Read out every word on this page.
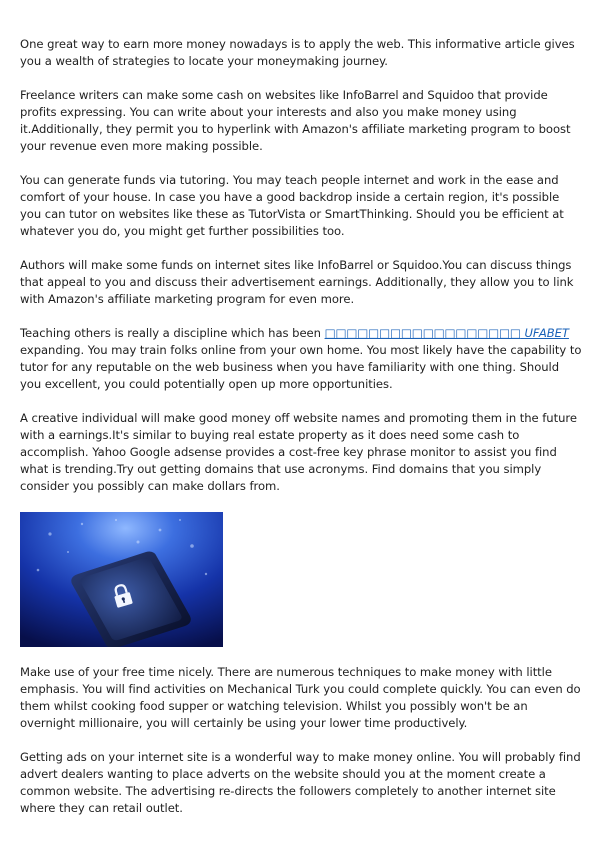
One great way to earn more money nowadays is to apply the web. This informative article gives you a wealth of strategies to locate your moneymaking journey.

Freelance writers can make some cash on websites like InfoBarrel and Squidoo that provide profits expressing. You can write about your interests and also you make money using it.Additionally, they permit you to hyperlink with Amazon's affiliate marketing program to boost your revenue even more making possible.

You can generate funds via tutoring. You may teach people internet and work in the ease and comfort of your house. In case you have a good backdrop inside a certain region, it's possible you can tutor on websites like these as TutorVista or SmartThinking. Should you be efficient at whatever you do, you might get further possibilities too.

Authors will make some funds on internet sites like InfoBarrel or Squidoo.You can discuss things that appeal to you and discuss their advertisement earnings. Additionally, they allow you to link with Amazon's affiliate marketing program for even more.

Teaching others is really a discipline which has been □□□□□□□□□□□□□□□□□□ UFABET expanding. You may train folks online from your own home. You most likely have the capability to tutor for any reputable on the web business when you have familiarity with one thing. Should you excellent, you could potentially open up more opportunities.

A creative individual will make good money off website names and promoting them in the future with a earnings.It's similar to buying real estate property as it does need some cash to accomplish. Yahoo Google adsense provides a cost-free key phrase monitor to assist you find what is trending.Try out getting domains that use acronyms. Find domains that you simply consider you possibly can make dollars from.

Make use of your free time nicely. There are numerous techniques to make money with little emphasis. You will find activities on Mechanical Turk you could complete quickly. You can even do them whilst cooking food supper or watching television. Whilst you possibly won't be an overnight millionaire, you will certainly be using your lower time productively.

Getting ads on your internet site is a wonderful way to make money online. You will probably find advert dealers wanting to place adverts on the website should you at the moment create a common website. The advertising re-directs the followers completely to another internet site where they can retail outlet.
